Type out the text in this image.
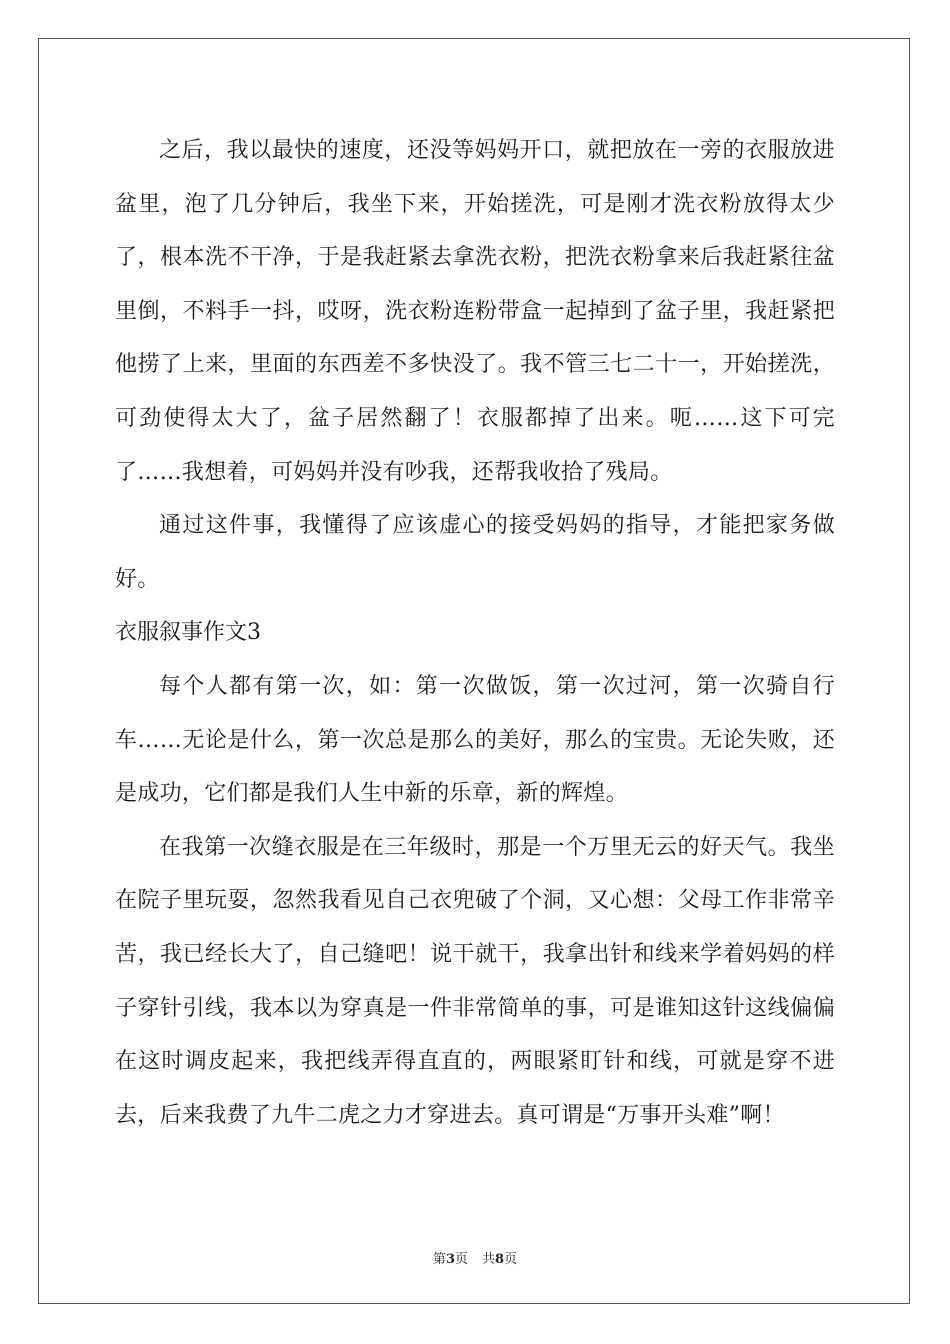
之后，我以最快的速度，还没等妈妈开口，就把放在一旁的衣服放进盆里，泡了几分钟后，我坐下来，开始搓洗，可是刚才洗衣粉放得太少了，根本洗不干净，于是我赶紧去拿洗衣粉，把洗衣粉拿来后我赶紧往盆里倒，不料手一抖，哎呀，洗衣粉连粉带盒一起掉到了盆子里，我赶紧把他捞了上来，里面的东西差不多快没了。我不管三七二十一，开始搓洗，可劲使得太大了，盆子居然翻了！衣服都掉了出来。呃……这下可完了……我想着，可妈妈并没有吵我，还帮我收拾了残局。

通过这件事，我懂得了应该虚心的接受妈妈的指导，才能把家务做好。

衣服叙事作文3

每个人都有第一次，如：第一次做饭，第一次过河，第一次骑自行车……无论是什么，第一次总是那么的美好，那么的宝贵。无论失败，还是成功，它们都是我们人生中新的乐章，新的辉煌。

在我第一次缝衣服是在三年级时，那是一个万里无云的好天气。我坐在院子里玩耍，忽然我看见自己衣兜破了个洞，又心想：父母工作非常辛苦，我已经长大了，自己缝吧！说干就干，我拿出针和线来学着妈妈的样子穿针引线，我本以为穿真是一件非常简单的事，可是谁知这针这线偏偏在这时调皮起来，我把线弄得直直的，两眼紧盯针和线，可就是穿不进去，后来我费了九牛二虎之力才穿进去。真可谓是“万事开头难”啊！

第3页 共8页
